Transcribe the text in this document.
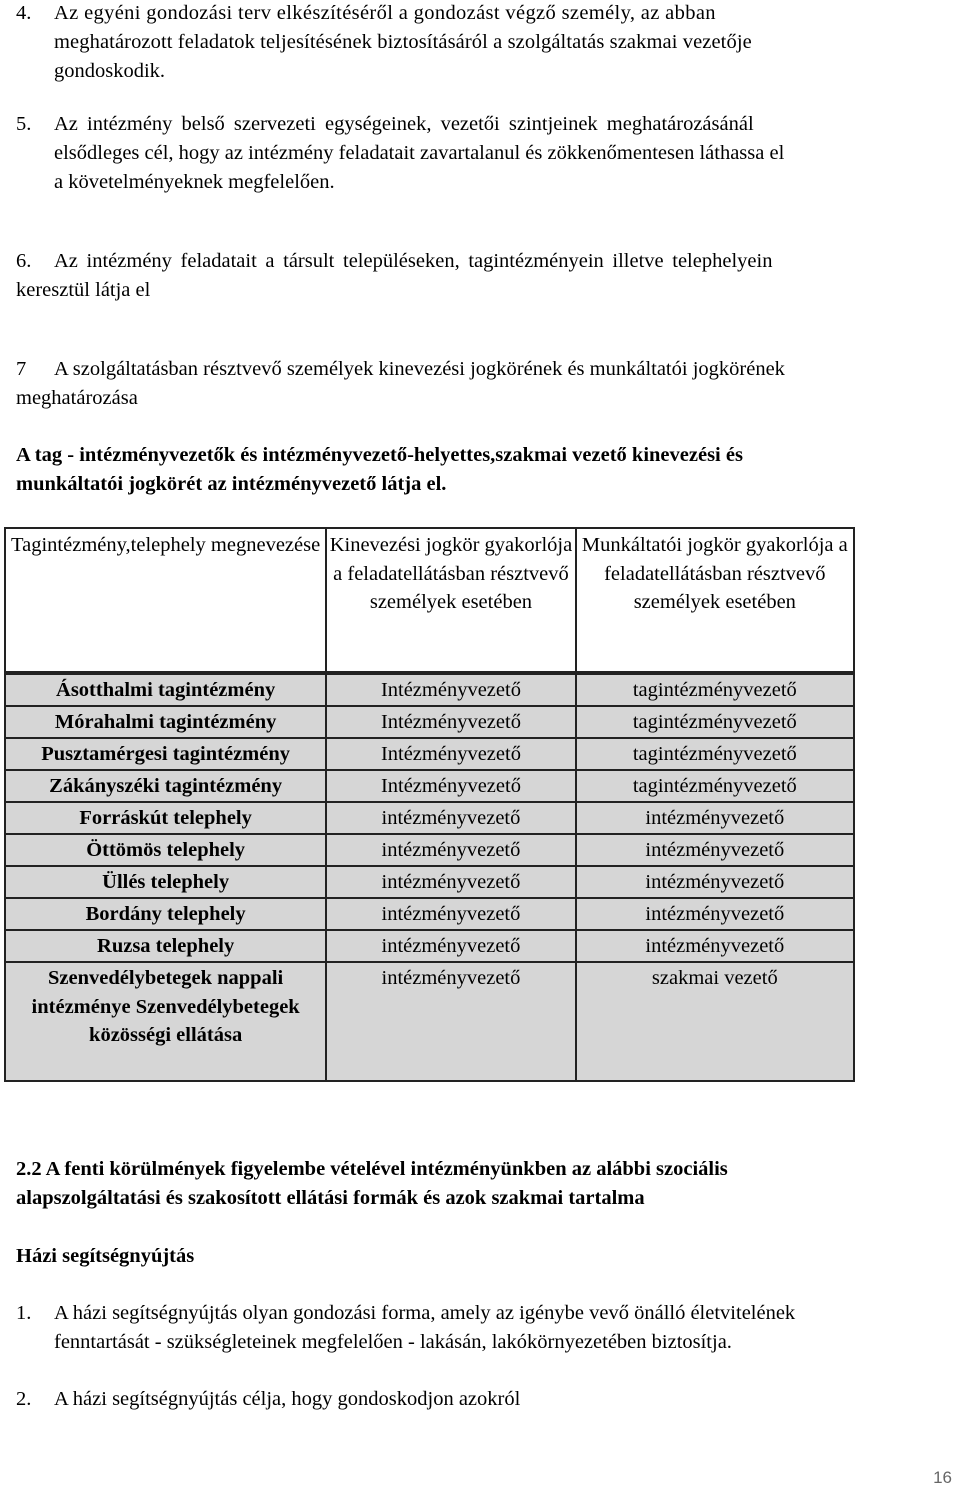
4. Az egyéni gondozási terv elkészítéséről a gondozást végző személy, az abban
meghatározott feladatok teljesítésének biztosításáról a szolgáltatás szakmai vezetője
gondoskodik.
5. Az intézmény belső szervezeti egységeinek, vezetői szintjeinek meghatározásánál
elsődleges cél, hogy az intézmény feladatait zavartalanul és zökkenőmentesen láthassa el
a követelményeknek megfelelően.
6. Az intézmény feladatait a társult településeken, tagintézményein illetve telephelyein
keresztül látja el
7 A szolgáltatásban résztvevő személyek kinevezési jogkörének és munkáltatói jogkörének
meghatározása
A tag - intézményvezetők és intézményvezető-helyettes,szakmai vezető kinevezési és
munkáltatói jogkörét az intézményvezető látja el.
Tagintézmény,telephely megnevezése	Kinevezési jogkör gyakorlója a feladatellátásban résztvevő személyek esetében	Munkáltatói jogkör gyakorlója a feladatellátásban résztvevő személyek esetében
Ásotthalmi tagintézmény	Intézményvezető	tagintézményvezető
Mórahalmi tagintézmény	Intézményvezető	tagintézményvezető
Pusztamérgesi tagintézmény	Intézményvezető	tagintézményvezető
Zákányszéki tagintézmény	Intézményvezető	tagintézményvezető
Forráskút telephely	intézményvezető	intézményvezető
Öttömös telephely	intézményvezető	intézményvezető
Üllés telephely	intézményvezető	intézményvezető
Bordány telephely	intézményvezető	intézményvezető
Ruzsa telephely	intézményvezető	intézményvezető
Szenvedélybetegek nappali intézménye Szenvedélybetegek közösségi ellátása	intézményvezető	szakmai vezető
2.2 A fenti körülmények figyelembe vételével intézményünkben az alábbi szociális
alapszolgáltatási és szakosított ellátási formák és azok szakmai tartalma
Házi segítségnyújtás
1. A házi segítségnyújtás olyan gondozási forma, amely az igénybe vevő önálló életvitelének
fenntartását - szükségleteinek megfelelően - lakásán, lakókörnyezetében biztosítja.
2. A házi segítségnyújtás célja, hogy gondoskodjon azokról
16
